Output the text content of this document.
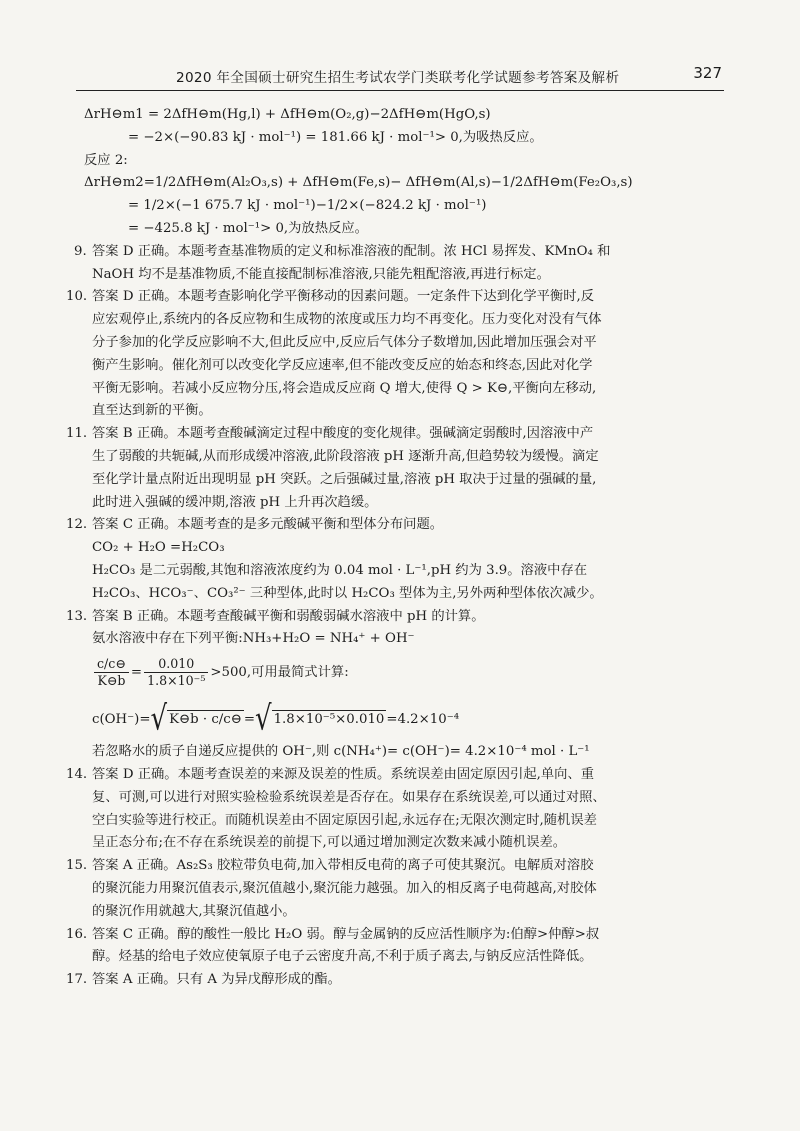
2020 年全国硕士研究生招生考试农学门类联考化学试题参考答案及解析	327
ΔrH⊖m1 = 2ΔfH⊖m(Hg,l) + ΔfH⊖m(O₂,g)−2ΔfH⊖m(HgO,s)
= −2×(−90.83 kJ · mol⁻¹) = 181.66 kJ · mol⁻¹> 0,为吸热反应。
反应 2:
ΔrH⊖m2=1/2ΔfH⊖m(Al₂O₃,s) + ΔfH⊖m(Fe,s)− ΔfH⊖m(Al,s)−1/2ΔfH⊖m(Fe₂O₃,s)
= 1/2×(−1 675.7 kJ · mol⁻¹)−1/2×(−824.2 kJ · mol⁻¹)
= −425.8 kJ · mol⁻¹> 0,为放热反应。
9. 答案 D 正确。本题考查基准物质的定义和标准溶液的配制。浓 HCl 易挥发、KMnO₄ 和
NaOH 均不是基准物质,不能直接配制标准溶液,只能先粗配溶液,再进行标定。
10. 答案 D 正确。本题考查影响化学平衡移动的因素问题。一定条件下达到化学平衡时,反
应宏观停止,系统内的各反应物和生成物的浓度或压力均不再变化。压力变化对没有气体
分子参加的化学反应影响不大,但此反应中,反应后气体分子数增加,因此增加压强会对平
衡产生影响。催化剂可以改变化学反应速率,但不能改变反应的始态和终态,因此对化学
平衡无影响。若减小反应物分压,将会造成反应商 Q 增大,使得 Q > K⊖,平衡向左移动,
直至达到新的平衡。
11. 答案 B 正确。本题考查酸碱滴定过程中酸度的变化规律。强碱滴定弱酸时,因溶液中产
生了弱酸的共轭碱,从而形成缓冲溶液,此阶段溶液 pH 逐渐升高,但趋势较为缓慢。滴定
至化学计量点附近出现明显 pH 突跃。之后强碱过量,溶液 pH 取决于过量的强碱的量,
此时进入强碱的缓冲期,溶液 pH 上升再次趋缓。
12. 答案 C 正确。本题考查的是多元酸碱平衡和型体分布问题。
CO₂ + H₂O =H₂CO₃
H₂CO₃ 是二元弱酸,其饱和溶液浓度约为 0.04 mol · L⁻¹,pH 约为 3.9。溶液中存在
H₂CO₃、HCO₃⁻、CO₃²⁻ 三种型体,此时以 H₂CO₃ 型体为主,另外两种型体依次减少。
13. 答案 B 正确。本题考查酸碱平衡和弱酸弱碱水溶液中 pH 的计算。
氨水溶液中存在下列平衡:NH₃+H₂O = NH₄⁺ + OH⁻
$\frac{c/c⊖}{K⊖b} = \frac{0.010}{\text{1.8×10⁻⁵}} >500$,可用最简式计算:
c(OH⁻)=√ K⊖b · c/c⊖ =√ 1.8×10⁻⁵×0.010 =4.2×10⁻⁴
若忽略水的质子自递反应提供的 OH⁻,则 c(NH₄⁺)= c(OH⁻)= 4.2×10⁻⁴ mol · L⁻¹
14. 答案 D 正确。本题考查误差的来源及误差的性质。系统误差由固定原因引起,单向、重
复、可测,可以进行对照实验检验系统误差是否存在。如果存在系统误差,可以通过对照、
空白实验等进行校正。而随机误差由不固定原因引起,永远存在;无限次测定时,随机误差
呈正态分布;在不存在系统误差的前提下,可以通过增加测定次数来减小随机误差。
15. 答案 A 正确。As₂S₃ 胶粒带负电荷,加入带相反电荷的离子可使其聚沉。电解质对溶胶
的聚沉能力用聚沉值表示,聚沉值越小,聚沉能力越强。加入的相反离子电荷越高,对胶体
的聚沉作用就越大,其聚沉值越小。
16. 答案 C 正确。醇的酸性一般比 H₂O 弱。醇与金属钠的反应活性顺序为:伯醇>仲醇>叔
醇。烃基的给电子效应使氧原子电子云密度升高,不利于质子离去,与钠反应活性降低。
17. 答案 A 正确。只有 A 为异戊醇形成的酯。
